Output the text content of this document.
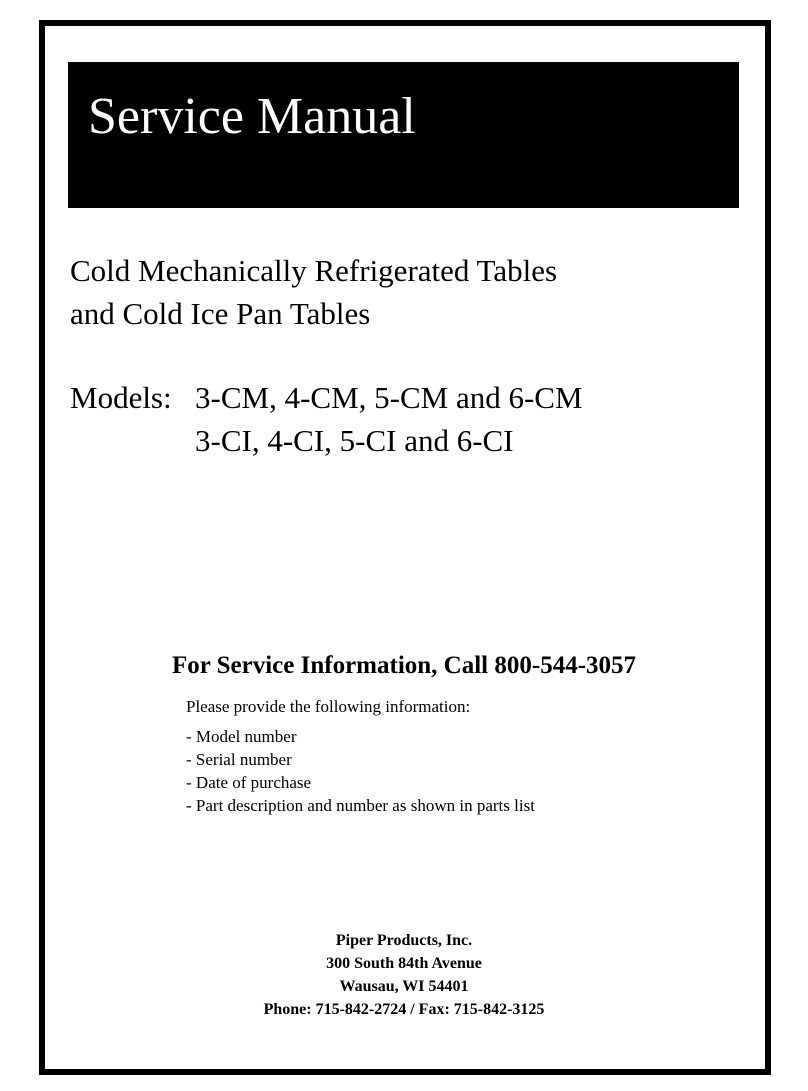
Service Manual
Cold Mechanically Refrigerated Tables
and Cold Ice Pan Tables
Models: 3-CM, 4-CM, 5-CM and 6-CM
3-CI, 4-CI, 5-CI and 6-CI
For Service Information, Call 800-544-3057
Please provide the following information:
- Model number
- Serial number
- Date of purchase
- Part description and number as shown in parts list
Piper Products, Inc.
300 South 84th Avenue
Wausau, WI 54401
Phone: 715-842-2724 / Fax: 715-842-3125
